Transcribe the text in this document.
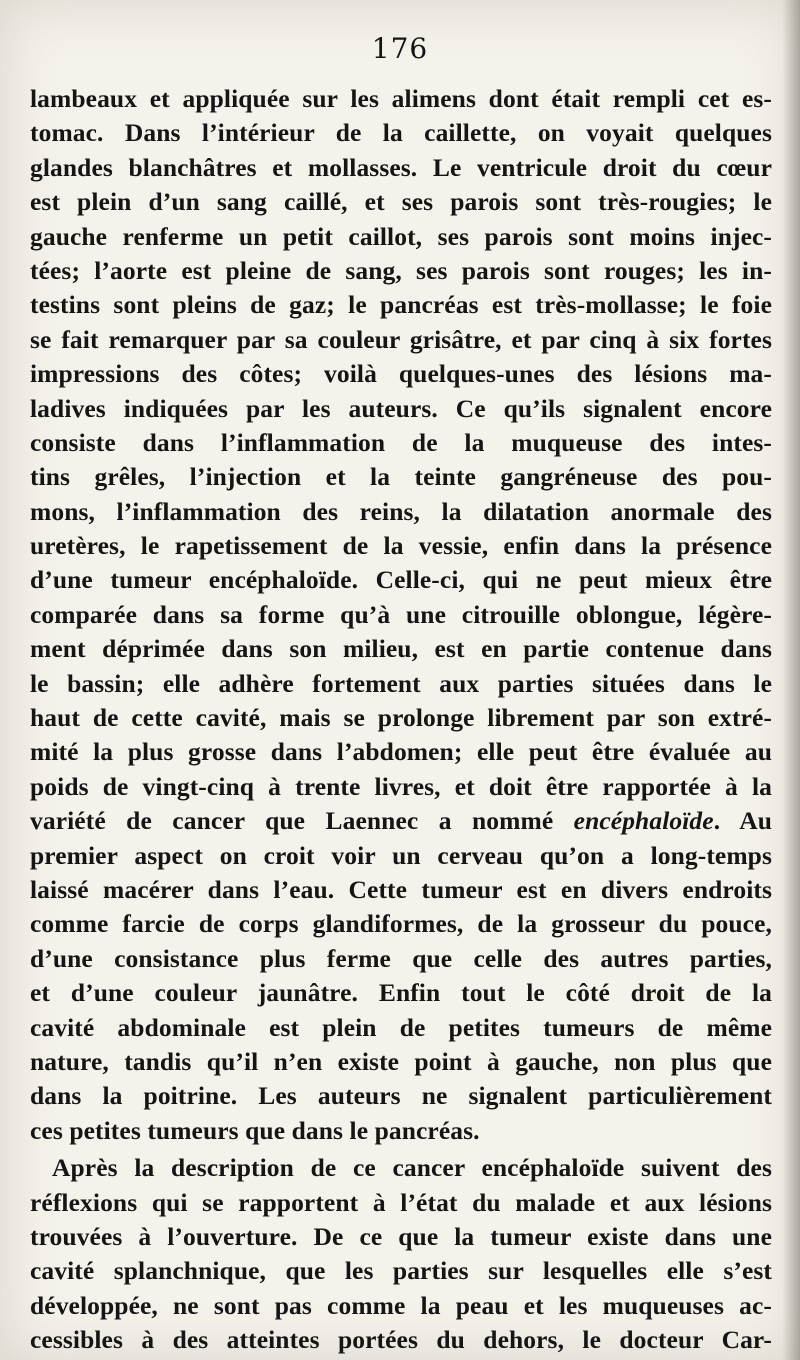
176
lambeaux et appliquée sur les alimens dont était rempli cet es-
tomac. Dans l’intérieur de la caillette, on voyait quelques
glandes blanchâtres et mollasses. Le ventricule droit du cœur
est plein d’un sang caillé, et ses parois sont très-rougies; le
gauche renferme un petit caillot, ses parois sont moins injec-
tées; l’aorte est pleine de sang, ses parois sont rouges; les in-
testins sont pleins de gaz; le pancréas est très-mollasse; le foie
se fait remarquer par sa couleur grisâtre, et par cinq à six fortes
impressions des côtes; voilà quelques-unes des lésions ma-
ladives indiquées par les auteurs. Ce qu’ils signalent encore
consiste dans l’inflammation de la muqueuse des intes-
tins grêles, l’injection et la teinte gangréneuse des pou-
mons, l’inflammation des reins, la dilatation anormale des
uretères, le rapetissement de la vessie, enfin dans la présence
d’une tumeur encéphaloïde. Celle-ci, qui ne peut mieux être
comparée dans sa forme qu’à une citrouille oblongue, légère-
ment déprimée dans son milieu, est en partie contenue dans
le bassin; elle adhère fortement aux parties situées dans le
haut de cette cavité, mais se prolonge librement par son extré-
mité la plus grosse dans l’abdomen; elle peut être évaluée au
poids de vingt-cinq à trente livres, et doit être rapportée à la
variété de cancer que Laennec a nommé encéphaloïde. Au
premier aspect on croit voir un cerveau qu’on a long-temps
laissé macérer dans l’eau. Cette tumeur est en divers endroits
comme farcie de corps glandiformes, de la grosseur du pouce,
d’une consistance plus ferme que celle des autres parties,
et d’une couleur jaunâtre. Enfin tout le côté droit de la
cavité abdominale est plein de petites tumeurs de même
nature, tandis qu’il n’en existe point à gauche, non plus que
dans la poitrine. Les auteurs ne signalent particulièrement
ces petites tumeurs que dans le pancréas.
Après la description de ce cancer encéphaloïde suivent des
réflexions qui se rapportent à l’état du malade et aux lésions
trouvées à l’ouverture. De ce que la tumeur existe dans une
cavité splanchnique, que les parties sur lesquelles elle s’est
développée, ne sont pas comme la peau et les muqueuses ac-
cessibles à des atteintes portées du dehors, le docteur Car-
